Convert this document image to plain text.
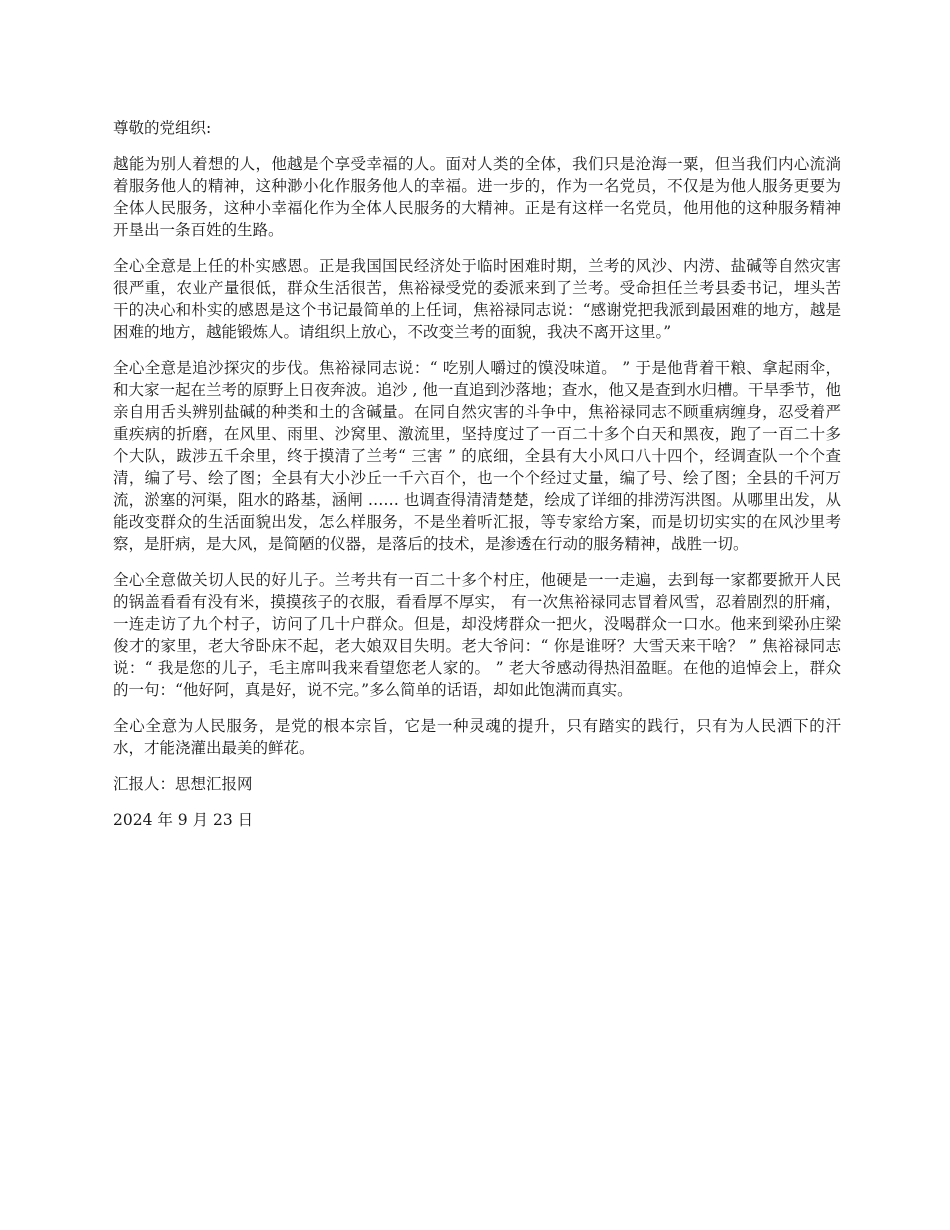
尊敬的党组织:

越能为别人着想的人，他越是个享受幸福的人。面对人类的全体，我们只是沧海一粟，但当我们内心流淌着服务他人的精神，这种渺小化作服务他人的幸福。进一步的，作为一名党员，不仅是为他人服务更要为全体人民服务，这种小幸福化作为全体人民服务的大精神。正是有这样一名党员，他用他的这种服务精神开垦出一条百姓的生路。

全心全意是上任的朴实感恩。正是我国国民经济处于临时困难时期，兰考的风沙、内涝、盐碱等自然灾害很严重，农业产量很低，群众生活很苦，焦裕禄受党的委派来到了兰考。受命担任兰考县委书记，埋头苦干的决心和朴实的感恩是这个书记最简单的上任词，焦裕禄同志说：“感谢党把我派到最困难的地方，越是困难的地方，越能锻炼人。请组织上放心，不改变兰考的面貌，我决不离开这里。”

全心全意是追沙探灾的步伐。焦裕禄同志说：“ 吃别人嚼过的馍没味道。 ” 于是他背着干粮、拿起雨伞，和大家一起在兰考的原野上日夜奔波。追沙 , 他一直追到沙落地；查水，他又是查到水归槽。干旱季节，他亲自用舌头辨别盐碱的种类和土的含碱量。在同自然灾害的斗争中，焦裕禄同志不顾重病缠身，忍受着严重疾病的折磨，在风里、雨里、沙窝里、激流里，坚持度过了一百二十多个白天和黑夜，跑了一百二十多个大队，跋涉五千余里，终于摸清了兰考“ 三害 ” 的底细，全县有大小风口八十四个，经调查队一个个查清，编了号、绘了图；全县有大小沙丘一千六百个，也一个个经过丈量，编了号、绘了图；全县的千河万流，淤塞的河渠，阻水的路基，涵闸 …… 也调查得清清楚楚，绘成了详细的排涝泻洪图。从哪里出发，从能改变群众的生活面貌出发，怎么样服务，不是坐着听汇报，等专家给方案，而是切切实实的在风沙里考察，是肝病，是大风，是简陋的仪器，是落后的技术，是渗透在行动的服务精神，战胜一切。

全心全意做关切人民的好儿子。兰考共有一百二十多个村庄，他硬是一一走遍，去到每一家都要掀开人民的锅盖看看有没有米，摸摸孩子的衣服，看看厚不厚实， 有一次焦裕禄同志冒着风雪，忍着剧烈的肝痛，一连走访了九个村子，访问了几十户群众。但是，却没烤群众一把火，没喝群众一口水。他来到梁孙庄梁俊才的家里，老大爷卧床不起，老大娘双目失明。老大爷问：“ 你是谁呀？大雪天来干啥？ ” 焦裕禄同志说：“ 我是您的儿子，毛主席叫我来看望您老人家的。 ” 老大爷感动得热泪盈眶。在他的追悼会上，群众的一句：“他好阿，真是好，说不完。”多么简单的话语，却如此饱满而真实。

全心全意为人民服务，是党的根本宗旨，它是一种灵魂的提升，只有踏实的践行，只有为人民洒下的汗水，才能浇灌出最美的鲜花。

汇报人：思想汇报网

2024 年 9 月 23 日
